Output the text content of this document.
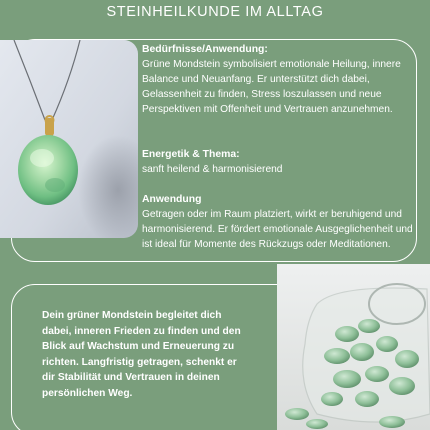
STEINHEILKUNDE IM ALLTAG
Bedürfnisse/Anwendung:

Grüne Mondstein symbolisiert emotionale Heilung, innere Balance und Neuanfang. Er unterstützt dich dabei, Gelassenheit zu finden, Stress loszulassen und neue Perspektiven mit Offenheit und Vertrauen anzunehmen.

Energetik & Thema:

sanft heilend & harmonisierend

Anwendung

Getragen oder im Raum platziert, wirkt er beruhigend und harmonisierend. Er fördert emotionale Ausgeglichenheit und ist ideal für Momente des Rückzugs oder Meditationen.

Dein grüner Mondstein begleitet dich dabei, inneren Frieden zu finden und den Blick auf Wachstum und Erneuerung zu richten. Langfristig getragen, schenkt er dir Stabilität und Vertrauen in deinen persönlichen Weg.
